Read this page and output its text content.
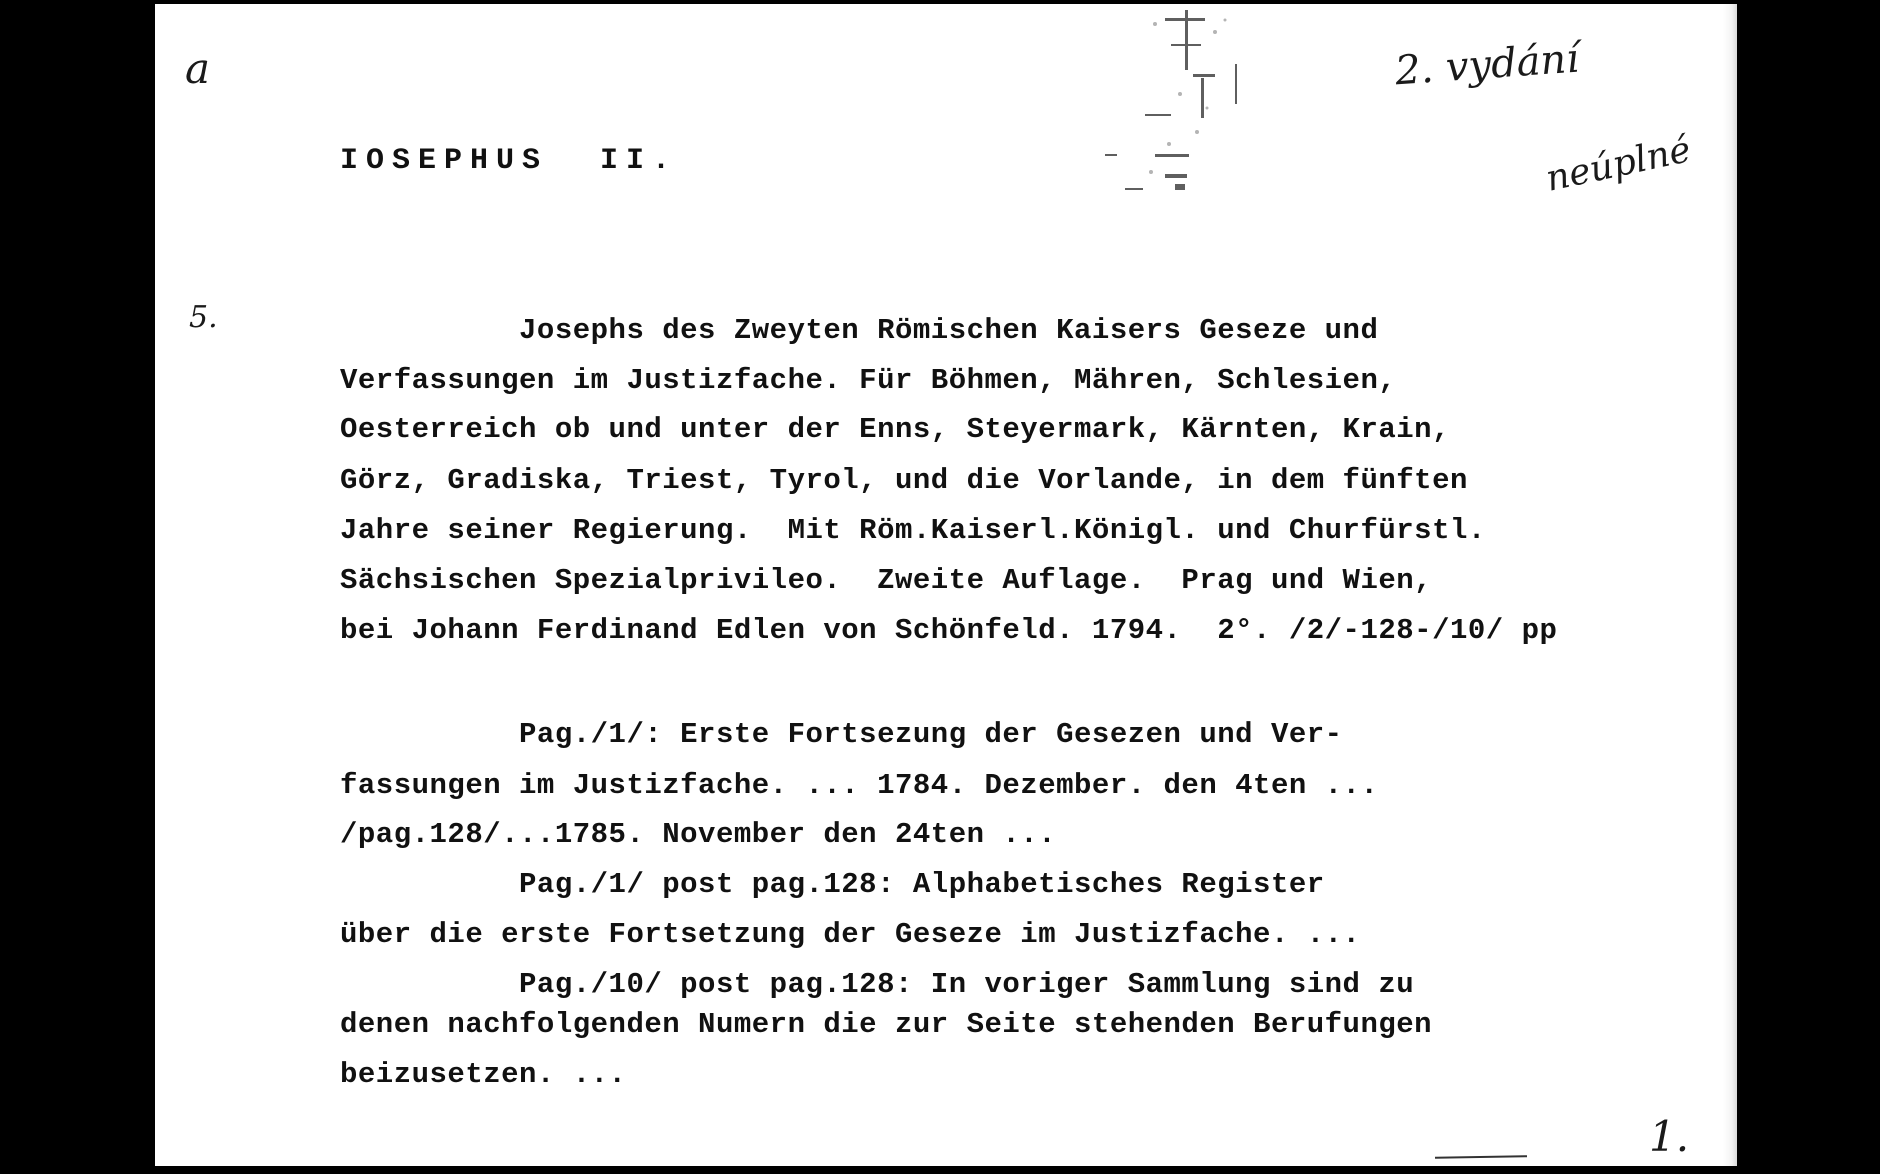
a
5.
2. vydání
neúplné
1.
IOSEPHUS  II.
Josephs des Zweyten Römischen Kaisers Geseze und
Verfassungen im Justizfache. Für Böhmen, Mähren, Schlesien,
Oesterreich ob und unter der Enns, Steyermark, Kärnten, Krain,
Görz, Gradiska, Triest, Tyrol, und die Vorlande, in dem fünften
Jahre seiner Regierung.  Mit Röm.Kaiserl.Königl. und Churfürstl.
Sächsischen Spezialprivileo.  Zweite Auflage.  Prag und Wien,
bei Johann Ferdinand Edlen von Schönfeld. 1794.  2°. /2/-128-/10/ pp
Pag./1/: Erste Fortsezung der Gesezen und Ver-
fassungen im Justizfache. ... 1784. Dezember. den 4ten ...
/pag.128/...1785. November den 24ten ...
Pag./1/ post pag.128: Alphabetisches Register
über die erste Fortsetzung der Geseze im Justizfache. ...
Pag./10/ post pag.128: In voriger Sammlung sind zu
denen nachfolgenden Numern die zur Seite stehenden Berufungen
beizusetzen. ...
